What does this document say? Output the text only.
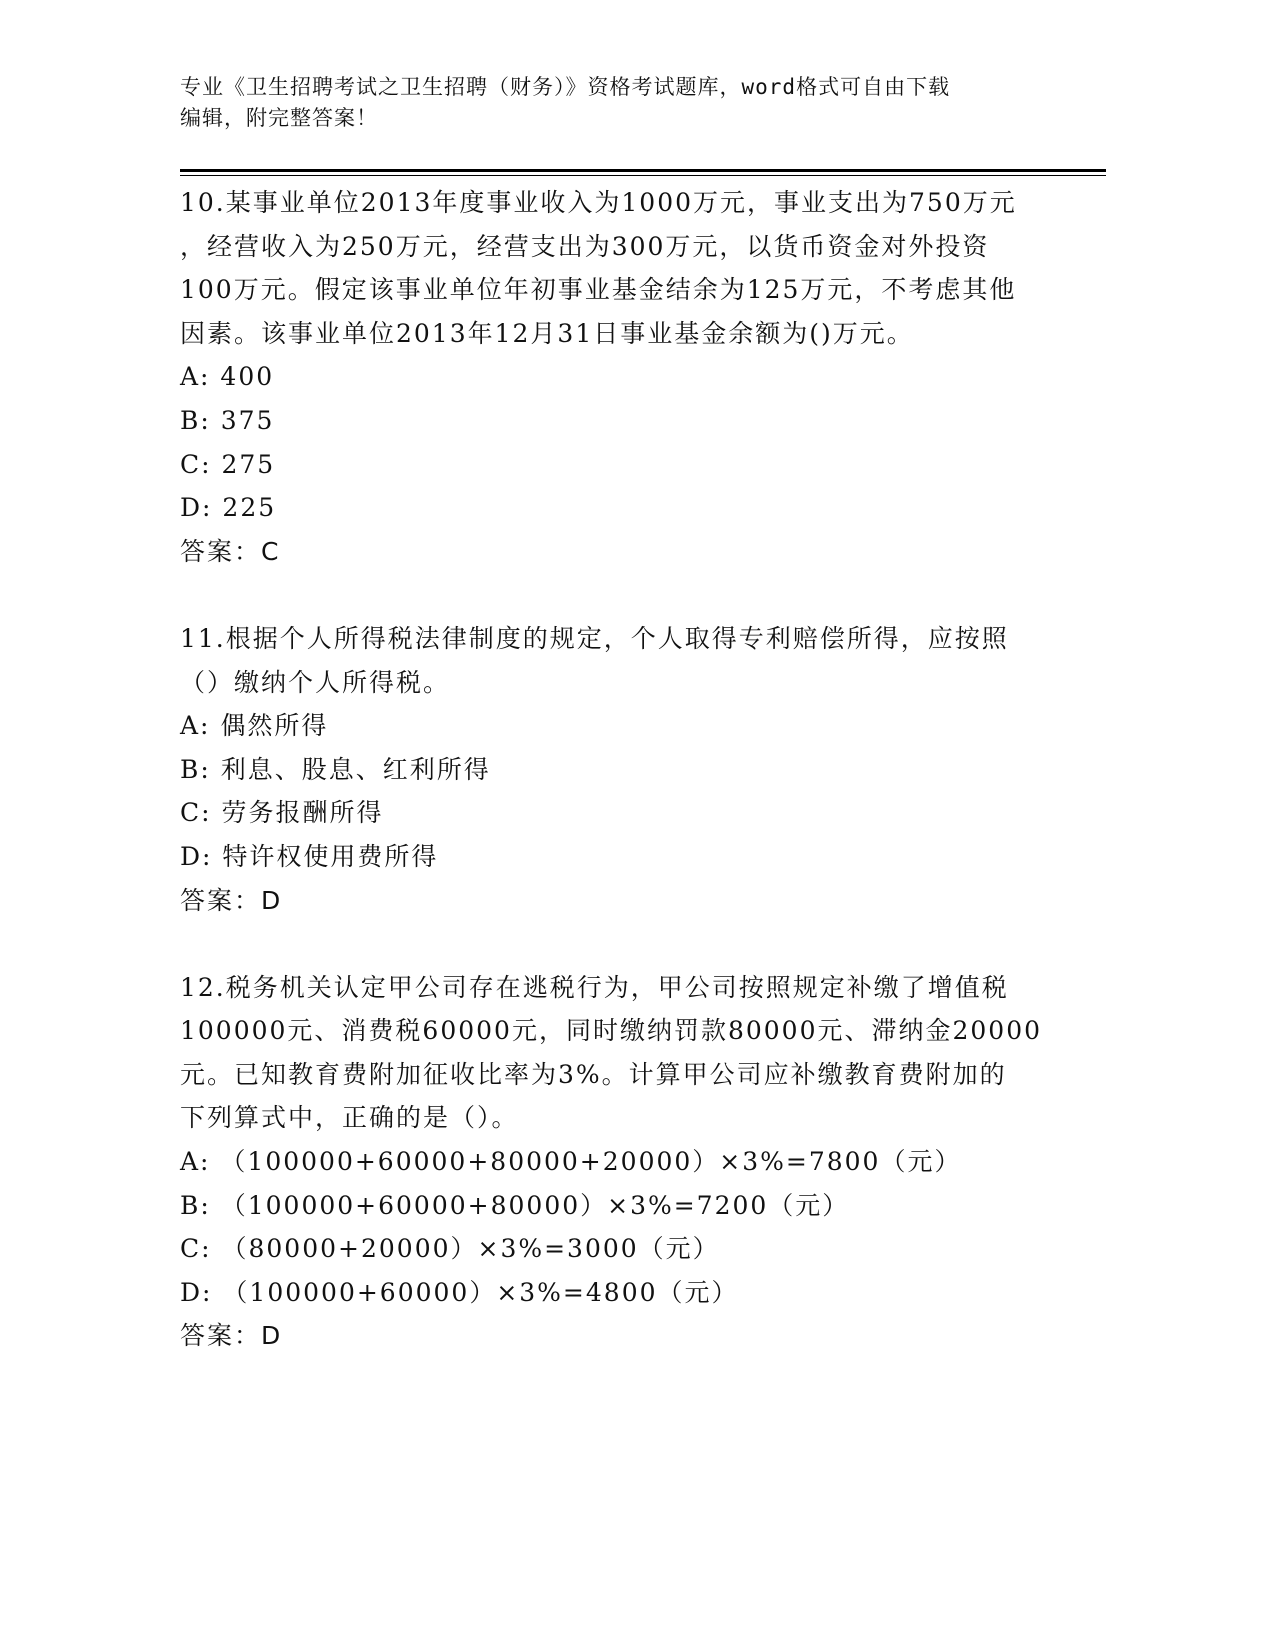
专业《卫生招聘考试之卫生招聘（财务）》资格考试题库，word格式可自由下载
编辑，附完整答案！
10.某事业单位2013年度事业收入为1000万元，事业支出为750万元
，经营收入为250万元，经营支出为300万元，以货币资金对外投资
100万元。假定该事业单位年初事业基金结余为125万元，不考虑其他
因素。该事业单位2013年12月31日事业基金余额为()万元。
A: 400
B: 375
C: 275
D: 225
答案：C
11.根据个人所得税法律制度的规定，个人取得专利赔偿所得，应按照
（）缴纳个人所得税。
A: 偶然所得
B: 利息、股息、红利所得
C: 劳务报酬所得
D: 特许权使用费所得
答案：D
12.税务机关认定甲公司存在逃税行为，甲公司按照规定补缴了增值税
100000元、消费税60000元，同时缴纳罚款80000元、滞纳金20000
元。已知教育费附加征收比率为3%。计算甲公司应补缴教育费附加的
下列算式中，正确的是（）。
A: （100000+60000+80000+20000）×3%=7800（元）
B: （100000+60000+80000）×3%=7200（元）
C: （80000+20000）×3%=3000（元）
D: （100000+60000）×3%=4800（元）
答案：D
